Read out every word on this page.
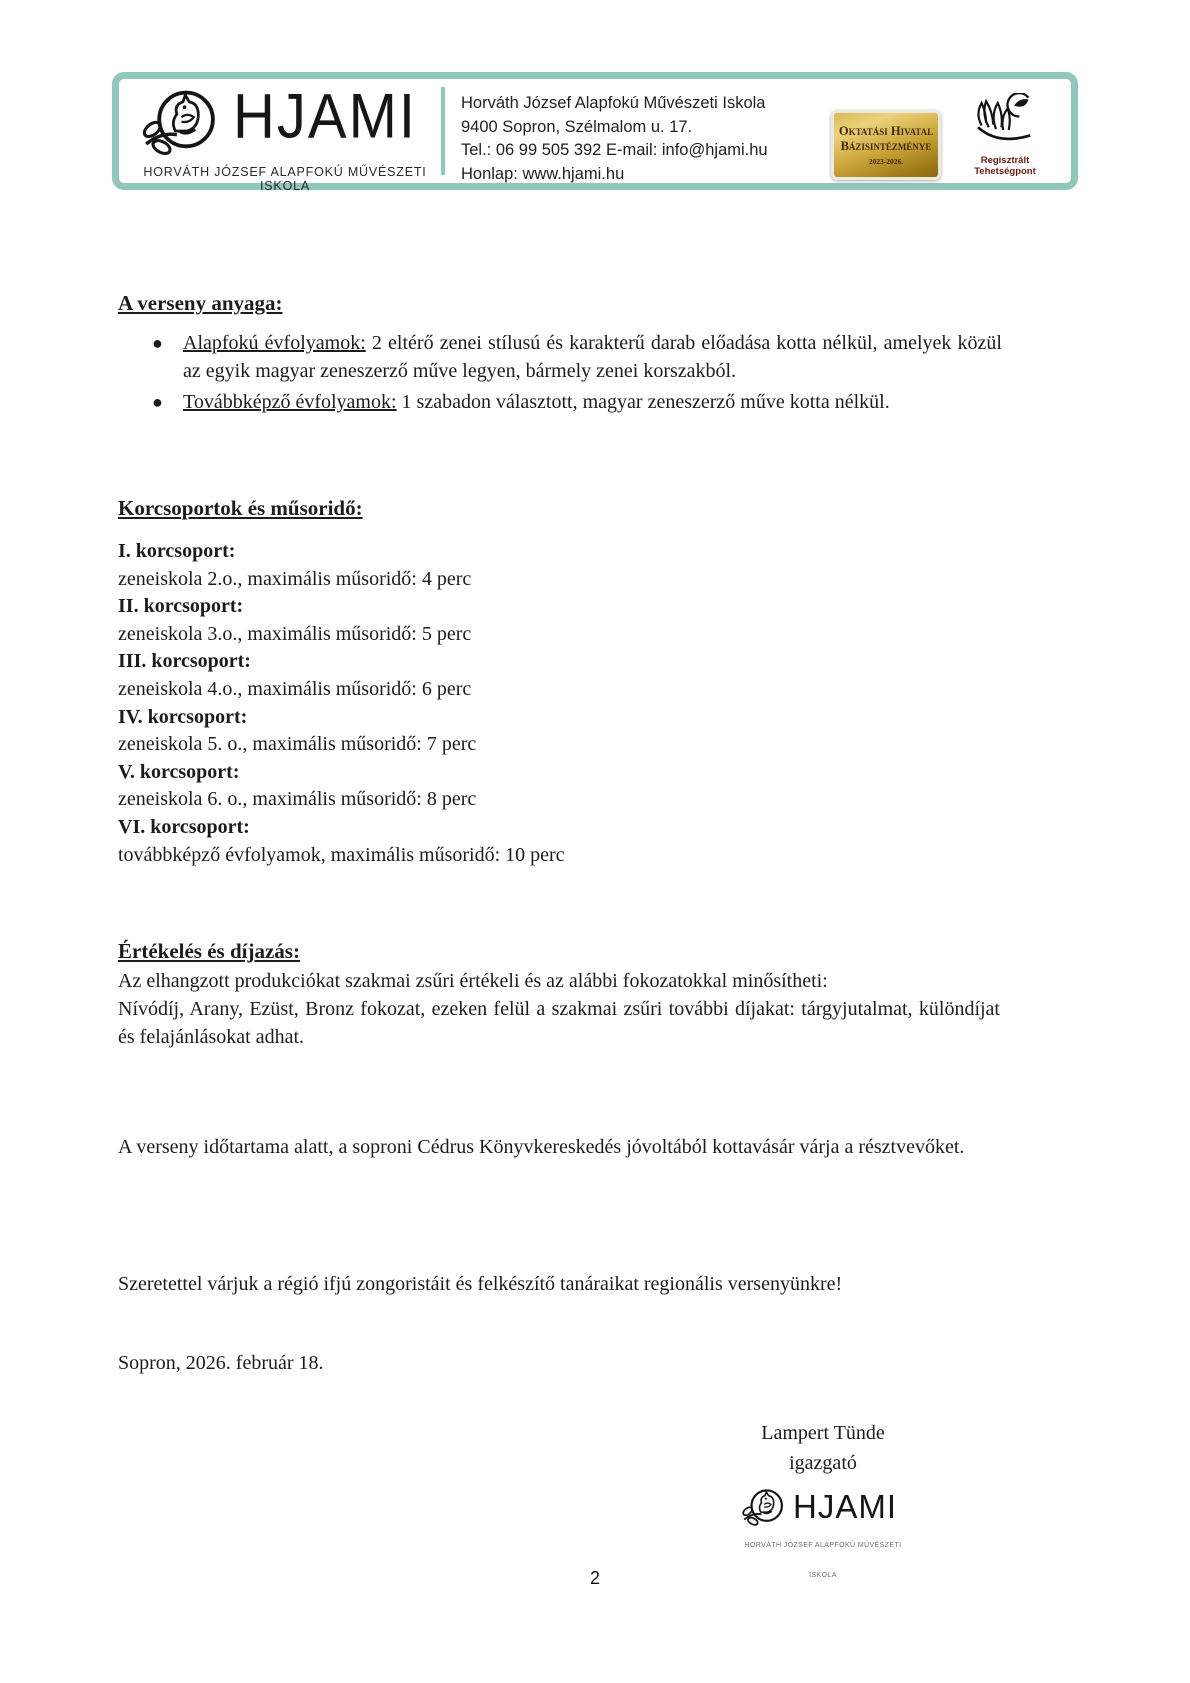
HJAMI
HORVÁTH JÓZSEF ALAPFOKÚ MŰVÉSZETI ISKOLA
Horváth József Alapfokú Művészeti Iskola
9400 Sopron, Szélmalom u. 17.
Tel.: 06 99 505 392 E-mail: info@hjami.hu
Honlap: www.hjami.hu
Oktatási Hivatal
Bázisintézménye
2023-2026.	Regisztrált
Tehetségpont
A verseny anyaga:
● Alapfokú évfolyamok: 2 eltérő zenei stílusú és karakterű darab előadása kotta nélkül, amelyek közül az egyik magyar zeneszerző műve legyen, bármely zenei korszakból.
● Továbbképző évfolyamok: 1 szabadon választott, magyar zeneszerző műve kotta nélkül.
Korcsoportok és műsoridő:
I. korcsoport:
zeneiskola 2.o., maximális műsoridő: 4 perc
II. korcsoport:
zeneiskola 3.o., maximális műsoridő: 5 perc
III. korcsoport:
zeneiskola 4.o., maximális műsoridő: 6 perc
IV. korcsoport:
zeneiskola 5. o., maximális műsoridő: 7 perc
V. korcsoport:
zeneiskola 6. o., maximális műsoridő: 8 perc
VI. korcsoport:
továbbképző évfolyamok, maximális műsoridő: 10 perc
Értékelés és díjazás:
Az elhangzott produkciókat szakmai zsűri értékeli és az alábbi fokozatokkal minősítheti:
Nívódíj, Arany, Ezüst, Bronz fokozat, ezeken felül a szakmai zsűri további díjakat: tárgyjutalmat, különdíjat és felajánlásokat adhat.
A verseny időtartama alatt, a soproni Cédrus Könyvkereskedés jóvoltából kottavásár várja a résztvevőket.
Szeretettel várjuk a régió ifjú zongoristáit és felkészítő tanáraikat regionális versenyünkre!
Sopron, 2026. február 18.
Lampert Tünde
igazgató
HJAMI
HORVÁTH JÓZSEF ALAPFOKÚ MŰVÉSZETI ISKOLA
2
